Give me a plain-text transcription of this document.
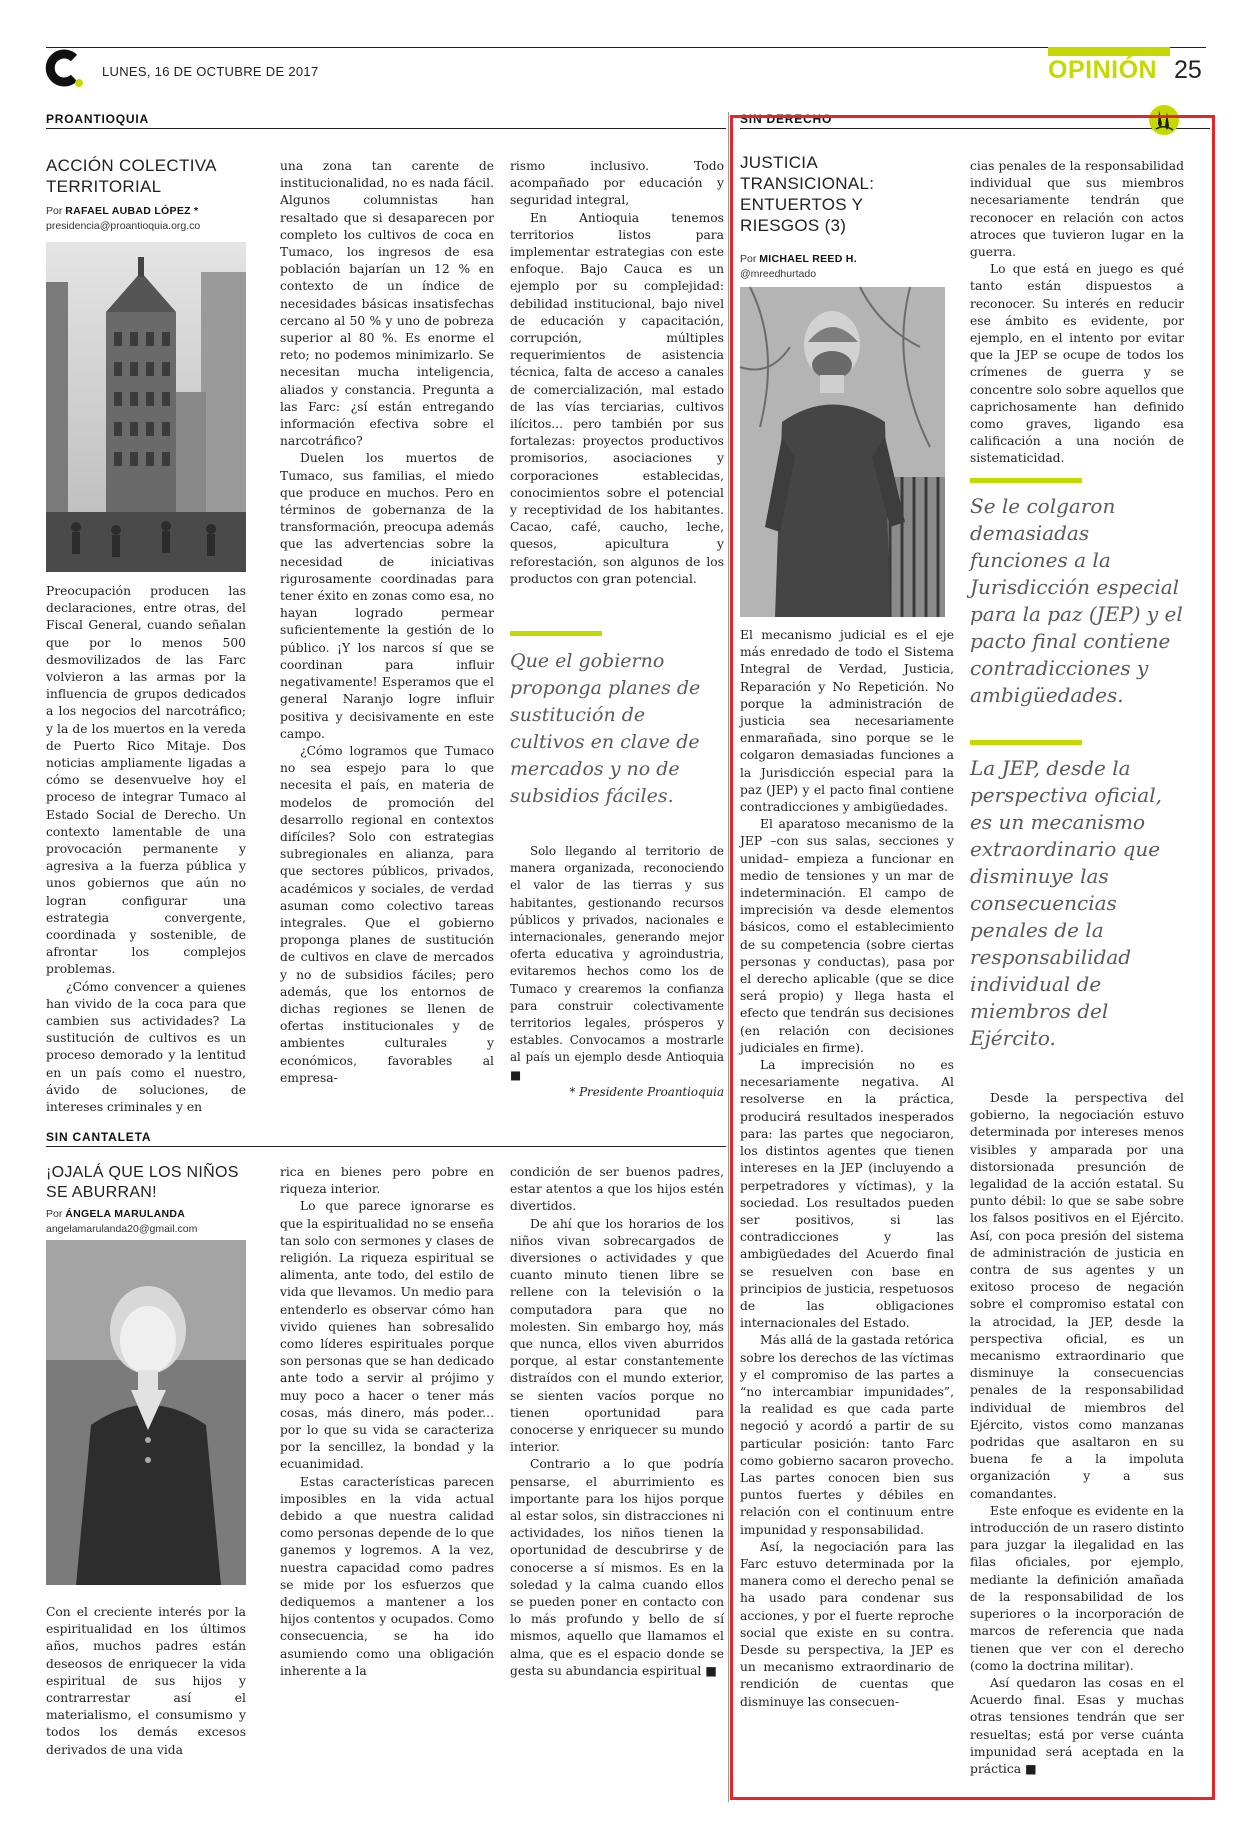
LUNES, 16 DE OCTUBRE DE 2017	OPINIÓN 25
PROANTIOQUIA
ACCIÓN COLECTIVA TERRITORIAL
Por RAFAEL AUBAD LÓPEZ *
presidencia@proantioquia.org.co

Preocupación producen las declaraciones, entre otras, del Fiscal General, cuando señalan que por lo menos 500 desmovilizados de las Farc volvieron a las armas por la influencia de grupos dedicados a los negocios del narcotráfico; y la de los muertos en la vereda de Puerto Rico Mitaje. Dos noticias ampliamente ligadas a cómo se desenvuelve hoy el proceso de integrar Tumaco al Estado Social de Derecho. Un contexto lamentable de una provocación permanente y agresiva a la fuerza pública y unos gobiernos que aún no logran configurar una estrategia convergente, coordinada y sostenible, de afrontar los complejos problemas.

¿Cómo convencer a quienes han vivido de la coca para que cambien sus actividades? La sustitución de cultivos es un proceso demorado y la lentitud en un país como el nuestro, ávido de soluciones, de intereses criminales y en

una zona tan carente de institucionalidad, no es nada fácil. Algunos columnistas han resaltado que si desaparecen por completo los cultivos de coca en Tumaco, los ingresos de esa población bajarían un 12 % en contexto de un índice de necesidades básicas insatisfechas cercano al 50 % y uno de pobreza superior al 80 %. Es enorme el reto; no podemos minimizarlo. Se necesitan mucha inteligencia, aliados y constancia. Pregunta a las Farc: ¿sí están entregando información efectiva sobre el narcotráfico?

Duelen los muertos de Tumaco, sus familias, el miedo que produce en muchos. Pero en términos de gobernanza de la transformación, preocupa además que las advertencias sobre la necesidad de iniciativas rigurosamente coordinadas para tener éxito en zonas como esa, no hayan logrado permear suficientemente la gestión de lo público. ¡Y los narcos sí que se coordinan para influir negativamente! Esperamos que el general Naranjo logre influir positiva y decisivamente en este campo.

¿Cómo logramos que Tumaco no sea espejo para lo que necesita el país, en materia de modelos de promoción del desarrollo regional en contextos difíciles? Solo con estrategias subregionales en alianza, para que sectores públicos, privados, académicos y sociales, de verdad asuman como colectivo tareas integrales. Que el gobierno proponga planes de sustitución de cultivos en clave de mercados y no de subsidios fáciles; pero además, que los entornos de dichas regiones se llenen de ofertas institucionales y de ambientes culturales y económicos, favorables al empresa-

rismo inclusivo. Todo acompañado por educación y seguridad integral,

En Antioquia tenemos territorios listos para implementar estrategias con este enfoque. Bajo Cauca es un ejemplo por su complejidad: debilidad institucional, bajo nivel de educación y capacitación, corrupción, múltiples requerimientos de asistencia técnica, falta de acceso a canales de comercialización, mal estado de las vías terciarias, cultivos ilícitos... pero también por sus fortalezas: proyectos productivos promisorios, asociaciones y corporaciones establecidas, conocimientos sobre el potencial y receptividad de los habitantes. Cacao, café, caucho, leche, quesos, apicultura y reforestación, son algunos de los productos con gran potencial.

Que el gobierno proponga planes de sustitución de cultivos en clave de mercados y no de subsidios fáciles.

Solo llegando al territorio de manera organizada, reconociendo el valor de las tierras y sus habitantes, gestionando recursos públicos y privados, nacionales e internacionales, generando mejor oferta educativa y agroindustria, evitaremos hechos como los de Tumaco y crearemos la confianza para construir colectivamente territorios legales, prósperos y estables. Convocamos a mostrarle al país un ejemplo desde Antioquia ■

* Presidente Proantioquia

SIN CANTALETA
¡OJALÁ QUE LOS NIÑOS SE ABURRAN!
Por ÁNGELA MARULANDA
angelamarulanda20@gmail.com

Con el creciente interés por la espiritualidad en los últimos años, muchos padres están deseosos de enriquecer la vida espiritual de sus hijos y contrarrestar así el materialismo, el consumismo y todos los demás excesos derivados de una vida

rica en bienes pero pobre en riqueza interior.

Lo que parece ignorarse es que la espiritualidad no se enseña tan solo con sermones y clases de religión. La riqueza espiritual se alimenta, ante todo, del estilo de vida que llevamos. Un medio para entenderlo es observar cómo han vivido quienes han sobresalido como líderes espirituales porque son personas que se han dedicado ante todo a servir al prójimo y muy poco a hacer o tener más cosas, más dinero, más poder... por lo que su vida se caracteriza por la sencillez, la bondad y la ecuanimidad.

Estas características parecen imposibles en la vida actual debido a que nuestra calidad como personas depende de lo que ganemos y logremos. A la vez, nuestra capacidad como padres se mide por los esfuerzos que dediquemos a mantener a los hijos contentos y ocupados. Como consecuencia, se ha ido asumiendo como una obligación inherente a la

condición de ser buenos padres, estar atentos a que los hijos estén divertidos.

De ahí que los horarios de los niños vivan sobrecargados de diversiones o actividades y que cuanto minuto tienen libre se rellene con la televisión o la computadora para que no molesten. Sin embargo hoy, más que nunca, ellos viven aburridos porque, al estar constantemente distraídos con el mundo exterior, se sienten vacíos porque no tienen oportunidad para conocerse y enriquecer su mundo interior.

Contrario a lo que podría pensarse, el aburrimiento es importante para los hijos porque al estar solos, sin distracciones ni actividades, los niños tienen la oportunidad de descubrirse y de conocerse a sí mismos. Es en la soledad y la calma cuando ellos se pueden poner en contacto con lo más profundo y bello de sí mismos, aquello que llamamos el alma, que es el espacio donde se gesta su abundancia espiritual ■

SIN DERECHO
JUSTICIA TRANSICIONAL: ENTUERTOS Y RIESGOS (3)
Por MICHAEL REED H.
@mreedhurtado

El mecanismo judicial es el eje más enredado de todo el Sistema Integral de Verdad, Justicia, Reparación y No Repetición. No porque la administración de justicia sea necesariamente enmarañada, sino porque se le colgaron demasiadas funciones a la Jurisdicción especial para la paz (JEP) y el pacto final contiene contradicciones y ambigüedades.

El aparatoso mecanismo de la JEP –con sus salas, secciones y unidad– empieza a funcionar en medio de tensiones y un mar de indeterminación. El campo de imprecisión va desde elementos básicos, como el establecimiento de su competencia (sobre ciertas personas y conductas), pasa por el derecho aplicable (que se dice será propio) y llega hasta el efecto que tendrán sus decisiones (en relación con decisiones judiciales en firme).

La imprecisión no es necesariamente negativa. Al resolverse en la práctica, producirá resultados inesperados para: las partes que negociaron, los distintos agentes que tienen intereses en la JEP (incluyendo a perpetradores y víctimas), y la sociedad. Los resultados pueden ser positivos, si las contradicciones y las ambigüedades del Acuerdo final se resuelven con base en principios de justicia, respetuosos de las obligaciones internacionales del Estado.

Más allá de la gastada retórica sobre los derechos de las víctimas y el compromiso de las partes a “no intercambiar impunidades”, la realidad es que cada parte negoció y acordó a partir de su particular posición: tanto Farc como gobierno sacaron provecho. Las partes conocen bien sus puntos fuertes y débiles en relación con el continuum entre impunidad y responsabilidad.

Así, la negociación para las Farc estuvo determinada por la manera como el derecho penal se ha usado para condenar sus acciones, y por el fuerte reproche social que existe en su contra. Desde su perspectiva, la JEP es un mecanismo extraordinario de rendición de cuentas que disminuye las consecuen-

cias penales de la responsabilidad individual que sus miembros necesariamente tendrán que reconocer en relación con actos atroces que tuvieron lugar en la guerra.

Lo que está en juego es qué tanto están dispuestos a reconocer. Su interés en reducir ese ámbito es evidente, por ejemplo, en el intento por evitar que la JEP se ocupe de todos los crímenes de guerra y se concentre solo sobre aquellos que caprichosamente han definido como graves, ligando esa calificación a una noción de sistematicidad.

Se le colgaron demasiadas funciones a la Jurisdicción especial para la paz (JEP) y el pacto final contiene contradicciones y ambigüedades.
La JEP, desde la perspectiva oficial, es un mecanismo extraordinario que disminuye las consecuencias penales de la responsabilidad individual de miembros del Ejército.

Desde la perspectiva del gobierno, la negociación estuvo determinada por intereses menos visibles y amparada por una distorsionada presunción de legalidad de la acción estatal. Su punto débil: lo que se sabe sobre los falsos positivos en el Ejército. Así, con poca presión del sistema de administración de justicia en contra de sus agentes y un exitoso proceso de negación sobre el compromiso estatal con la atrocidad, la JEP, desde la perspectiva oficial, es un mecanismo extraordinario que disminuye la consecuencias penales de la responsabilidad individual de miembros del Ejército, vistos como manzanas podridas que asaltaron en su buena fe a la impoluta organización y a sus comandantes.

Este enfoque es evidente en la introducción de un rasero distinto para juzgar la ilegalidad en las filas oficiales, por ejemplo, mediante la definición amañada de la responsabilidad de los superiores o la incorporación de marcos de referencia que nada tienen que ver con el derecho (como la doctrina militar).

Así quedaron las cosas en el Acuerdo final. Esas y muchas otras tensiones tendrán que ser resueltas; está por verse cuánta impunidad será aceptada en la práctica ■
